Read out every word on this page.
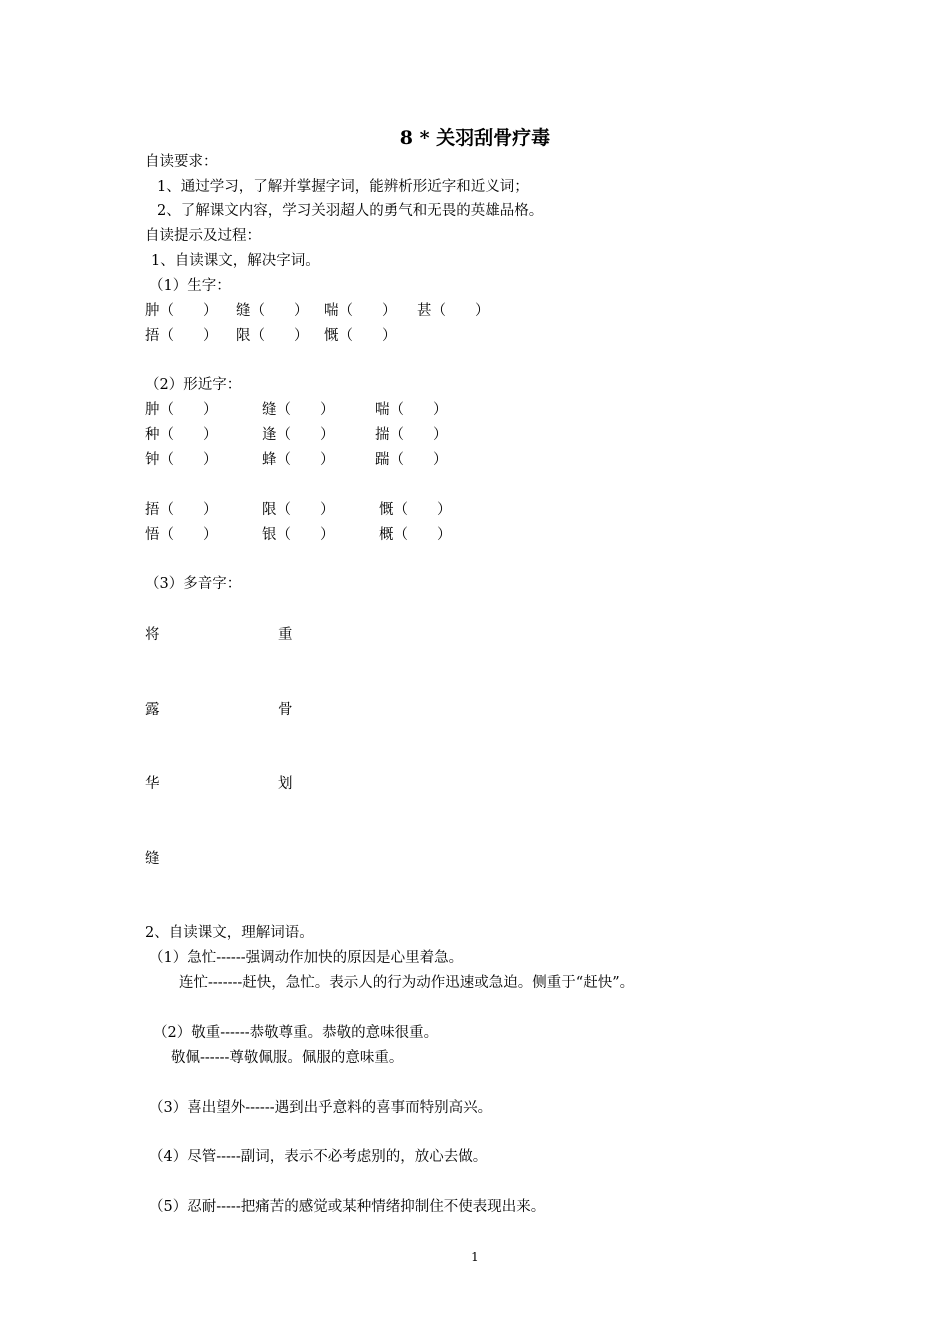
8 * 关羽刮骨疗毒
自读要求：
1、通过学习，了解并掌握字词，能辨析形近字和近义词；
2、了解课文内容，学习关羽超人的勇气和无畏的英雄品格。
自读提示及过程：
1、自读课文，解决字词。
（1）生字：
肿（　　） 缝（　　） 喘（　　） 甚（　　）
捂（　　） 限（　　） 慨（　　）
（2）形近字：
肿（　　）	缝（　　）	喘（　　）
种（　　）	逢（　　）	揣（　　）
钟（　　）	蜂（　　）	踹（　　）
捂（　　）	限（　　）	慨（　　）
悟（　　）	银（　　）	概（　　）
（3）多音字：
将	重
露	骨
华	划
缝
2、自读课文，理解词语。
（1）急忙------强调动作加快的原因是心里着急。
连忙-------赶快，急忙。表示人的行为动作迅速或急迫。侧重于“赶快”。
（2）敬重------恭敬尊重。恭敬的意味很重。
敬佩------尊敬佩服。佩服的意味重。
（3）喜出望外------遇到出乎意料的喜事而特别高兴。
（4）尽管-----副词，表示不必考虑别的，放心去做。
（5）忍耐-----把痛苦的感觉或某种情绪抑制住不使表现出来。
1
